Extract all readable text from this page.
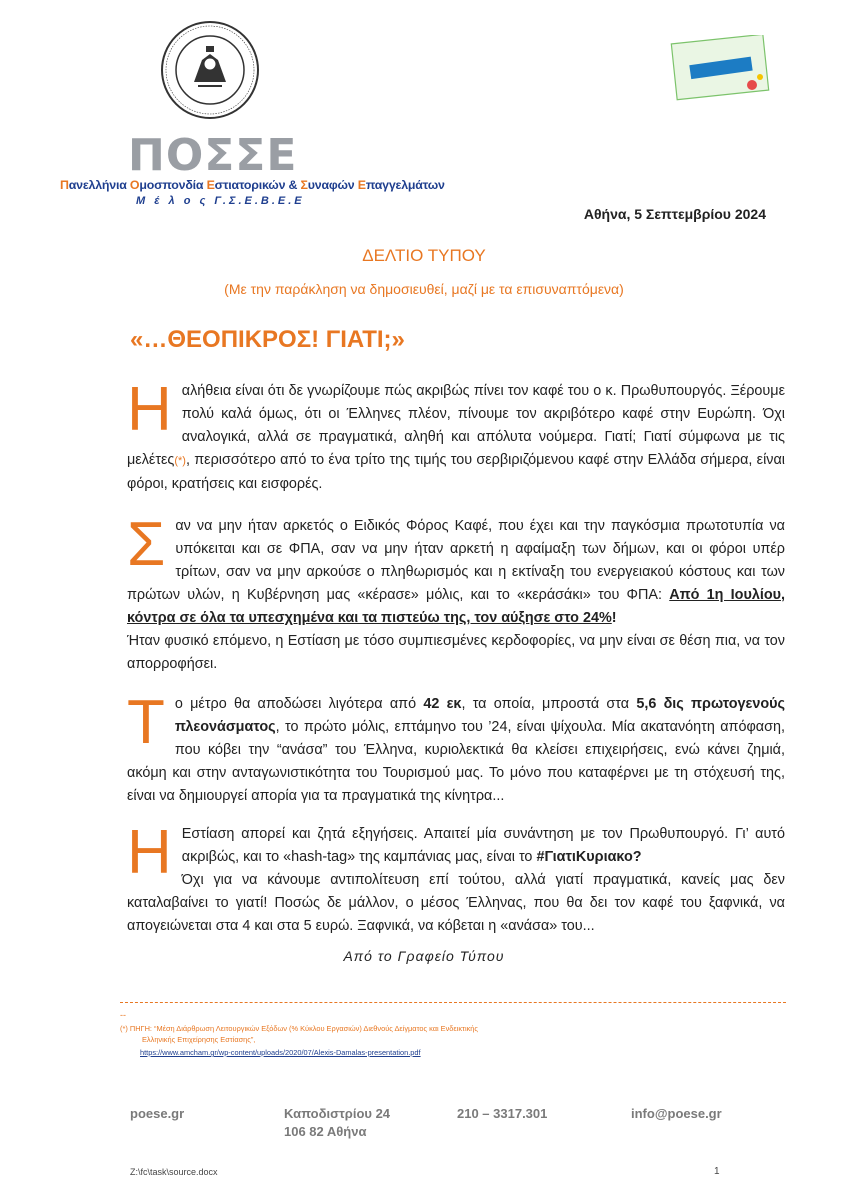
ΠΟΣΣΕ
Πανελλήνια Ομοσπονδία Εστιατορικών & Συναφών Επαγγελμάτων
Μ έ λ ο ς Γ.Σ.Ε.Β.Ε.Ε
Αθήνα, 5 Σεπτεμβρίου 2024
ΔΕΛΤΙΟ ΤΥΠΟΥ
(Με την παράκληση να δημοσιευθεί, μαζί με τα επισυναπτόμενα)
«…ΘΕΟΠΙΚΡΟΣ! ΓΙΑΤΙ;»
Ηαλήθεια είναι ότι δε γνωρίζουμε πώς ακριβώς πίνει τον καφέ του ο κ. Πρωθυπουργός. Ξέρουμε πολύ καλά όμως, ότι οι Έλληνες πλέον, πίνουμε τον ακριβότερο καφέ στην Ευρώπη. Όχι αναλογικά, αλλά σε πραγματικά, αληθή και απόλυτα νούμερα. Γιατί; Γιατί σύμφωνα με τις μελέτες(*), περισσότερο από το ένα τρίτο της τιμής του σερβιριζόμενου καφέ στην Ελλάδα σήμερα, είναι φόροι, κρατήσεις και εισφορές.
Σαν να μην ήταν αρκετός ο Ειδικός Φόρος Καφέ, που έχει και την παγκόσμια πρωτοτυπία να υπόκειται και σε ΦΠΑ, σαν να μην ήταν αρκετή η αφαίμαξη των δήμων, και οι φόροι υπέρ τρίτων, σαν να μην αρκούσε ο πληθωρισμός και η εκτίναξη του ενεργειακού κόστους και των πρώτων υλών, η Κυβέρνηση μας «κέρασε» μόλις, και το «κεράσάκι» του ΦΠΑ: Από 1η Ιουλίου, κόντρα σε όλα τα υπεσχημένα και τα πιστεύω της, τον αύξησε στο 24%!
Ήταν φυσικό επόμενο, η Εστίαση με τόσο συμπιεσμένες κερδοφορίες, να μην είναι σε θέση πια, να τον απορροφήσει.
Το μέτρο θα αποδώσει λιγότερα από 42 εκ, τα οποία, μπροστά στα 5,6 δις πρωτογενούς πλεονάσματος, το πρώτο μόλις, επτάμηνο του ’24, είναι ψίχουλα. Μία ακατανόητη απόφαση, που κόβει την “ανάσα” του Έλληνα, κυριολεκτικά θα κλείσει επιχειρήσεις, ενώ κάνει ζημιά, ακόμη και στην ανταγωνιστικότητα του Τουρισμού μας. Το μόνο που καταφέρνει με τη στόχευσή της, είναι να δημιουργεί απορία για τα πραγματικά της κίνητρα...
Η Εστίαση απορεί και ζητά εξηγήσεις. Απαιτεί μία συνάντηση με τον Πρωθυπουργό. Γι’ αυτό ακριβώς, και το «hash-tag» της καμπάνιας μας, είναι το #ΓιατιΚυριακο?
Όχι για να κάνουμε αντιπολίτευση επί τούτου, αλλά γιατί πραγματικά, κανείς μας δεν καταλαβαίνει το γιατί! Ποσώς δε μάλλον, ο μέσος Έλληνας, που θα δει τον καφέ του ξαφνικά, να απογειώνεται στα 4 και στα 5 ευρώ. Ξαφνικά, να κόβεται η «ανάσα» του...
Από το Γραφείο Τύπου
--
(*) ΠΗΓΗ: “Μέση Διάρθρωση Λειτουργικών Εξόδων (% Κύκλου Εργασιών) Διεθνούς Δείγματος και Ενδεικτικής
Ελληνικής Επιχείρησης Εστίασης”,
https://www.amcham.gr/wp-content/uploads/2020/07/Alexis-Damalas-presentation.pdf
poese.gr	Καποδιστρίου 24
106 82 Αθήνα
210 – 3317.301	info@poese.gr
Z:\fc\task\source.docx	1
